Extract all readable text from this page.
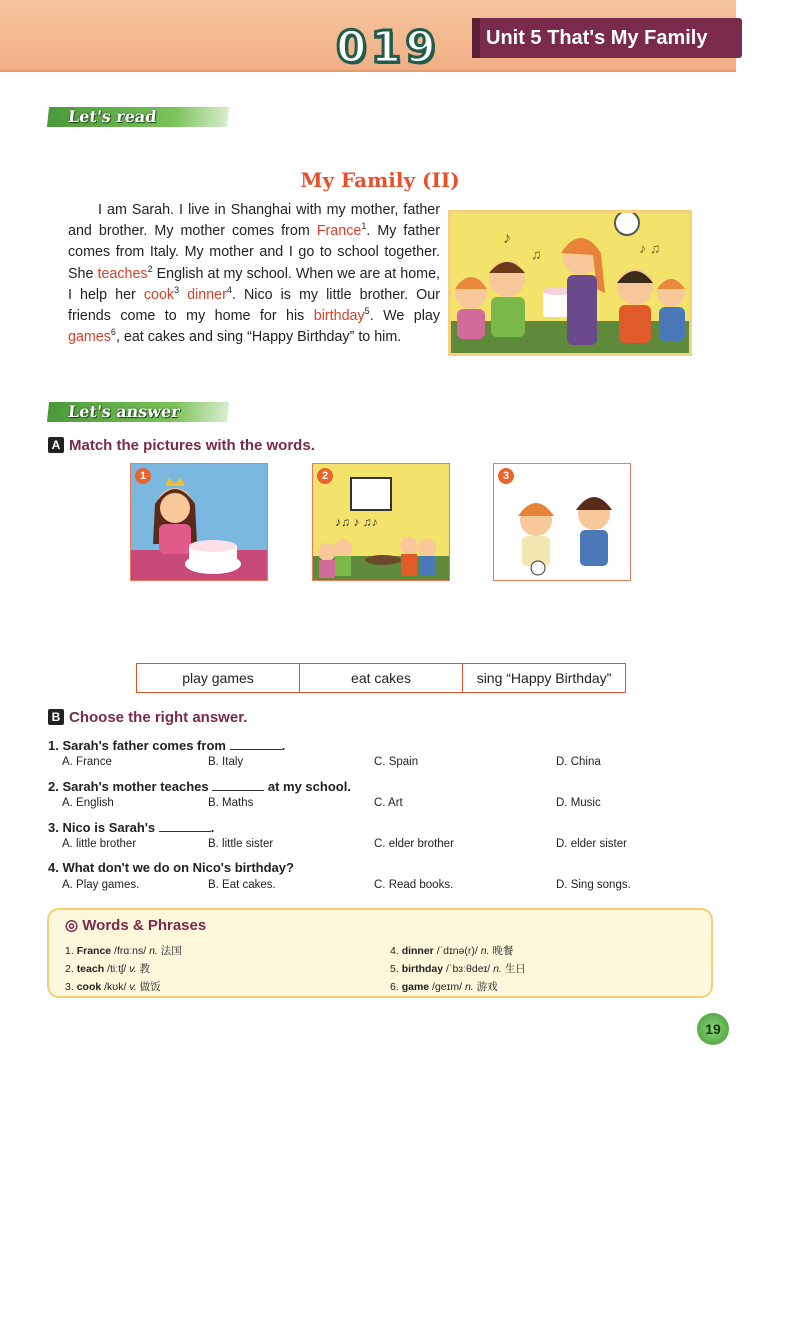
019	Unit 5 That's My Family
Let's read
My Family (II)

I am Sarah. I live in Shanghai with my mother, father and brother. My mother comes from France$^1$. My father comes from Italy. My mother and I go to school together. She teaches$^2$ English at my school. When we are at home, I help her cook$^3$ dinner$^4$. Nico is my little brother. Our friends come to my home for his birthday$^5$. We play games$^6$, eat cakes and sing “Happy Birthday” to him.

♪
♫	♪ ♫
Let's answer
A Match the pictures with the words.
1
♪♫ ♪ ♫♪
2	3
play games	eat cakes	sing “Happy Birthday”
B Choose the right answer.
1. Sarah's father comes from	.
A. France	B. Italy	C. Spain	D. China
2. Sarah's mother teaches	at my school.
A. English	B. Maths	C. Art	D. Music
3. Nico is Sarah's	.
A. little brother	B. little sister	C. elder brother	D. elder sister
4. What don't we do on Nico's birthday?
A. Play games.	B. Eat cakes.	C. Read books.	D. Sing songs.
◎ Words & Phrases
1. France /frɑːns/ n. 法国
2. teach /tiːtʃ/ v. 教
3. cook /kʊk/ v. 做饭
4. dinner /ˈdɪnə(r)/ n. 晚餐
5. birthday /ˈbɜːθdeɪ/ n. 生日
6. game /geɪm/ n. 游戏
19
